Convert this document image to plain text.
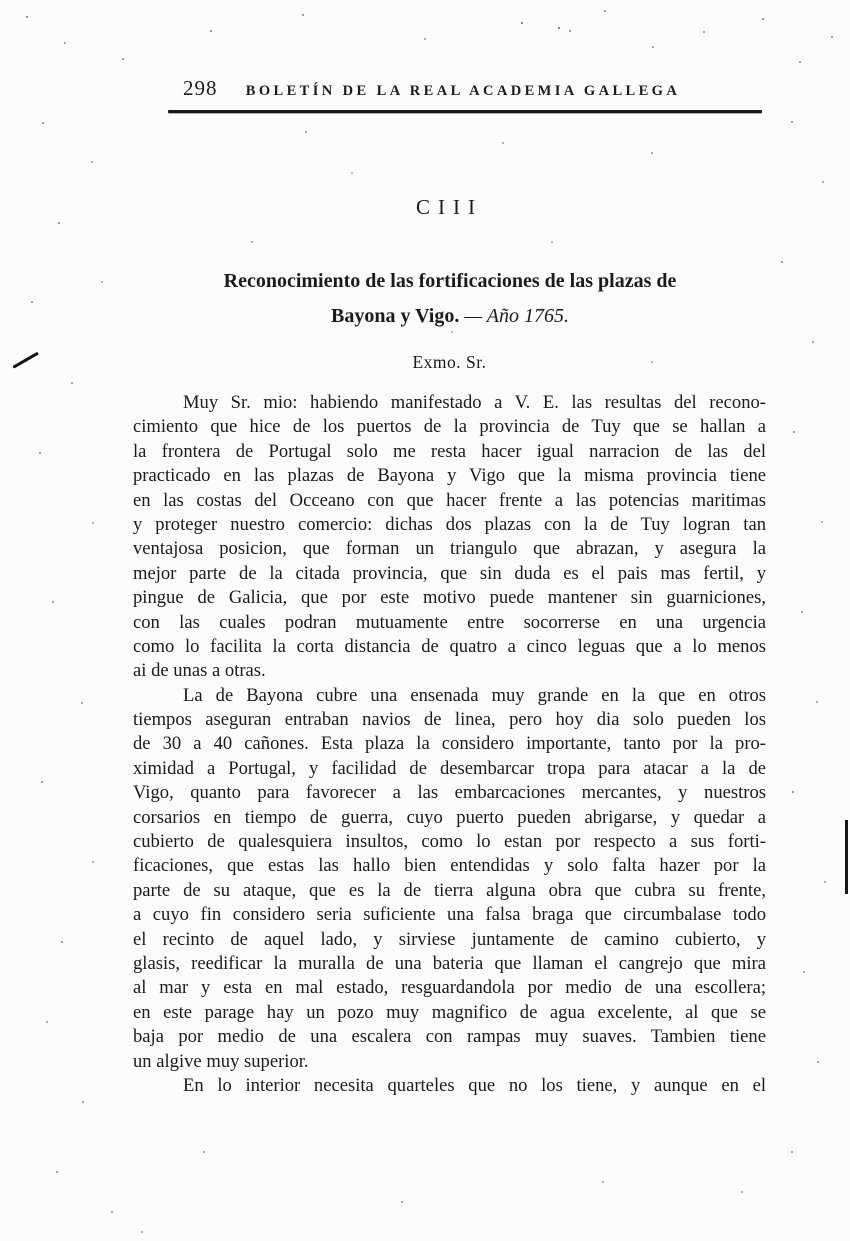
298	BOLETÍN DE LA REAL ACADEMIA GALLEGA
CIII
Reconocimiento de las fortificaciones de las plazas de
Bayona y Vigo. — Año 1765.
Exmo. Sr.
Muy Sr. mio: habiendo manifestado a V. E. las resultas del recono-
cimiento que hice de los puertos de la provincia de Tuy que se hallan a
la frontera de Portugal solo me resta hacer igual narracion de las del
practicado en las plazas de Bayona y Vigo que la misma provincia tiene
en las costas del Occeano con que hacer frente a las potencias maritimas
y proteger nuestro comercio: dichas dos plazas con la de Tuy logran tan
ventajosa posicion, que forman un triangulo que abrazan, y asegura la
mejor parte de la citada provincia, que sin duda es el pais mas fertil, y
pingue de Galicia, que por este motivo puede mantener sin guarniciones,
con las cuales podran mutuamente entre socorrerse en una urgencia
como lo facilita la corta distancia de quatro a cinco leguas que a lo menos
ai de unas a otras.
La de Bayona cubre una ensenada muy grande en la que en otros
tiempos aseguran entraban navios de linea, pero hoy dia solo pueden los
de 30 a 40 cañones. Esta plaza la considero importante, tanto por la pro-
ximidad a Portugal, y facilidad de desembarcar tropa para atacar a la de
Vigo, quanto para favorecer a las embarcaciones mercantes, y nuestros
corsarios en tiempo de guerra, cuyo puerto pueden abrigarse, y quedar a
cubierto de qualesquiera insultos, como lo estan por respecto a sus forti-
ficaciones, que estas las hallo bien entendidas y solo falta hazer por la
parte de su ataque, que es la de tierra alguna obra que cubra su frente,
a cuyo fin considero seria suficiente una falsa braga que circumbalase todo
el recinto de aquel lado, y sirviese juntamente de camino cubierto, y
glasis, reedificar la muralla de una bateria que llaman el cangrejo que mira
al mar y esta en mal estado, resguardandola por medio de una escollera;
en este parage hay un pozo muy magnifico de agua excelente, al que se
baja por medio de una escalera con rampas muy suaves. Tambien tiene
un algive muy superior.
En lo interior necesita quarteles que no los tiene, y aunque en el
